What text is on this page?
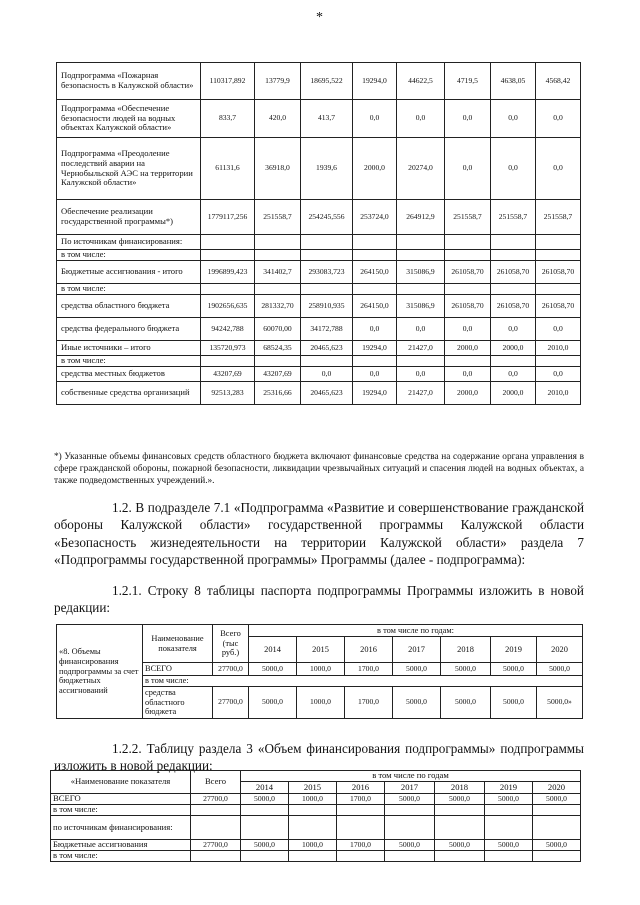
*
Подпрограмма «Пожарная безопасность в Калужской области»	110317,892	13779,9	18695,522	19294,0	44622,5	4719,5	4638,05	4568,42
Подпрограмма «Обеспечение безопасности людей на водных объектах Калужской области»	833,7	420,0	413,7	0,0	0,0	0,0	0,0	0,0
Подпрограмма «Преодоление последствий аварии на Чернобыльской АЭС на территории Калужской области»	61131,6	36918,0	1939,6	2000,0	20274,0	0,0	0,0	0,0
Обеспечение реализации государственной программы*)	1779117,256	251558,7	254245,556	253724,0	264912,9	251558,7	251558,7	251558,7
По источникам финансирования:								
в том числе:								
Бюджетные ассигнования - итого	1996899,423	341402,7	293083,723	264150,0	315086,9	261058,70	261058,70	261058,70
в том числе:								
средства областного бюджета	1902656,635	281332,70	258910,935	264150,0	315086,9	261058,70	261058,70	261058,70
средства федерального бюджета	94242,788	60070,00	34172,788	0,0	0,0	0,0	0,0	0,0
Иные источники – итого	135720,973	68524,35	20465,623	19294,0	21427,0	2000,0	2000,0	2010,0
в том числе:								
средства местных бюджетов	43207,69	43207,69	0,0	0,0	0,0	0,0	0,0	0,0
собственные средства организаций	92513,283	25316,66	20465,623	19294,0	21427,0	2000,0	2000,0	2010,0
*) Указанные объемы финансовых средств областного бюджета включают финансовые средства на содержание органа управления в сфере гражданской обороны, пожарной безопасности, ликвидации чрезвычайных ситуаций и спасения людей на водных объектах, а также подведомственных учреждений.».
1.2. В подразделе 7.1 «Подпрограмма «Развитие и совершенствование гражданской обороны Калужской области» государственной программы Калужской области «Безопасность жизнедеятельности на территории Калужской области» раздела 7 «Подпрограммы государственной программы» Программы (далее - подпрограмма):
1.2.1. Строку 8 таблицы паспорта подпрограммы Программы изложить в новой редакции:
«8. Объемы финансирования подпрограммы за счет бюджетных ассигнований	Наименование показателя	Всего (тыс руб.)	в том числе по годам:						
			2014	2015	2016	2017	2018	2019	2020
	ВСЕГО	27700,0	5000,0	1000,0	1700,0	5000,0	5000,0	5000,0	5000,0
	в том числе:								
	средства областного бюджета	27700,0	5000,0	1000,0	1700,0	5000,0	5000,0	5000,0	5000,0»
1.2.2. Таблицу раздела 3 «Объем финансирования подпрограммы» подпрограммы изложить в новой редакции:
«Наименование показателя	Всего	в том числе по годам						
		2014	2015	2016	2017	2018	2019	2020
ВСЕГО	27700,0	5000,0	1000,0	1700,0	5000,0	5000,0	5000,0	5000,0
в том числе:								
по источникам финансирования:								
Бюджетные ассигнования	27700,0	5000,0	1000,0	1700,0	5000,0	5000,0	5000,0	5000,0
в том числе:								
